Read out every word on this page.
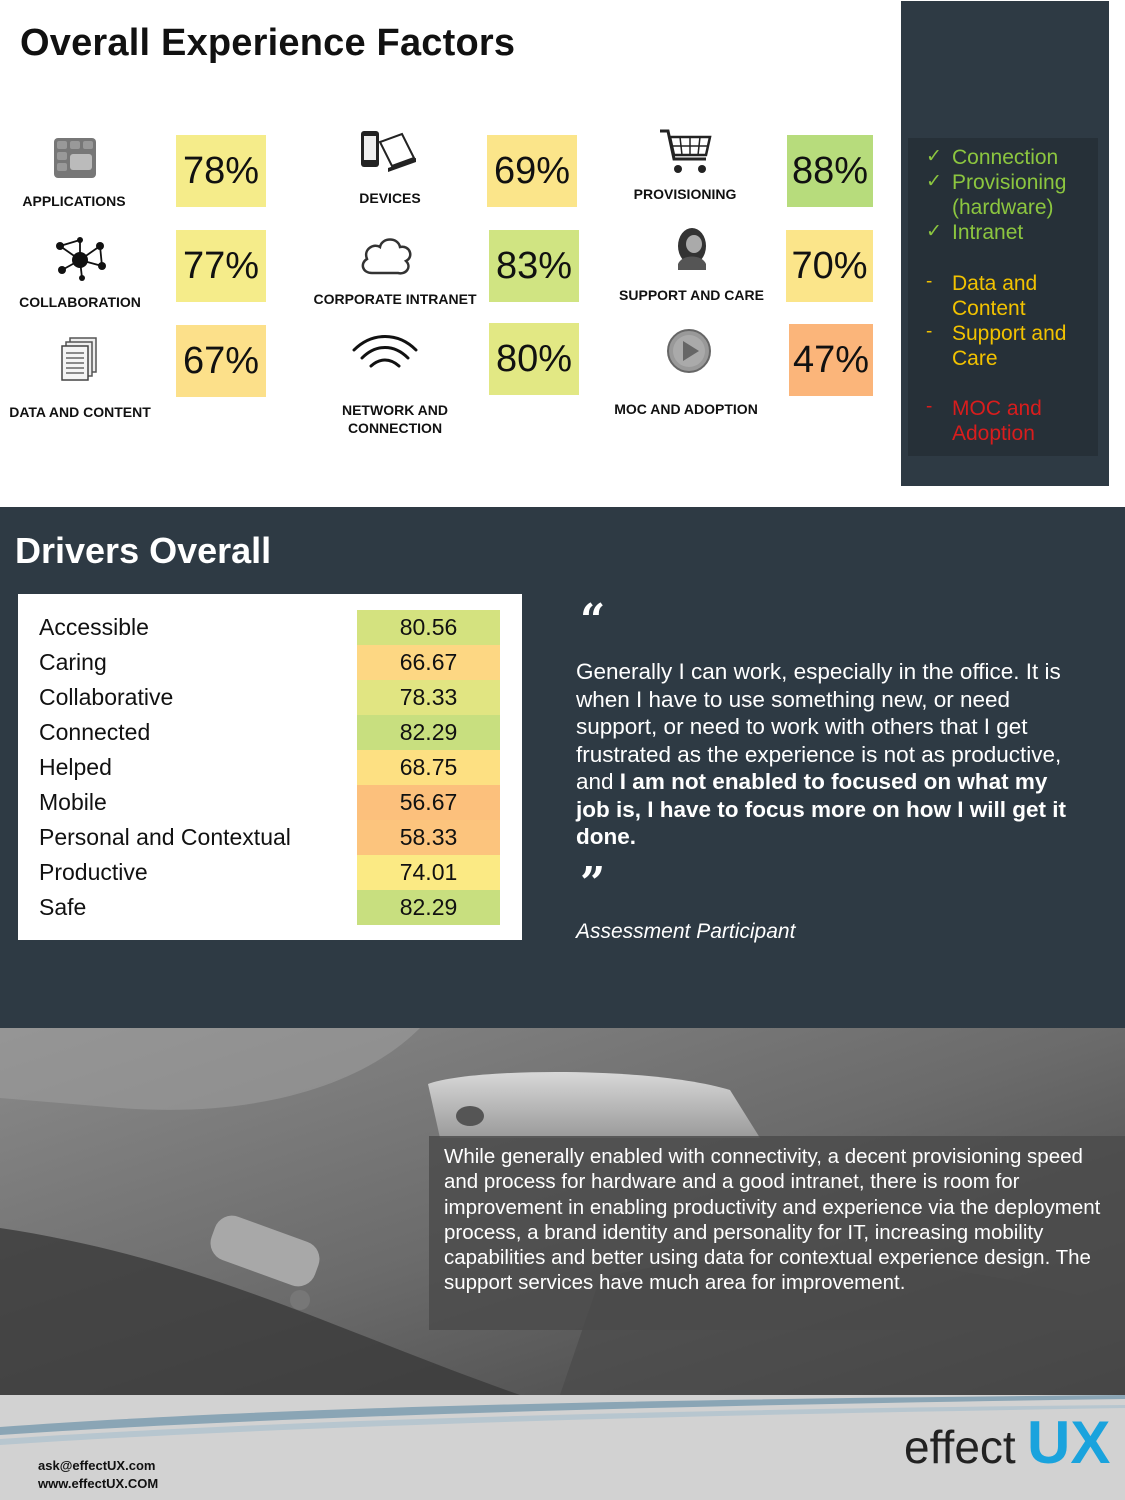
Overall Experience Factors
APPLICATIONS
78%
DEVICES
69%
PROVISIONING
88%
COLLABORATION
77%
CORPORATE INTRANET
83%
SUPPORT AND CARE
70%
DATA AND CONTENT
67%
NETWORK AND CONNECTION
80%
MOC AND ADOPTION
47%
✓ Connection
✓ Provisioning (hardware)
✓ Intranet
- Data and Content
- Support and Care
- MOC and Adoption
Drivers Overall
Accessible	80.56
Caring	66.67
Collaborative	78.33
Connected	82.29
Helped	68.75
Mobile	56.67
Personal and Contextual	58.33
Productive	74.01
Safe	82.29
“
Generally I can work, especially in the office. It is when I have to use something new, or need support, or need to work with others that I get frustrated as the experience is not as productive, and I am not enabled to focused on what my job is, I have to focus more on how I will get it done.
”
Assessment Participant
While generally enabled with connectivity, a decent provisioning speed and process for hardware and a good intranet, there is room for improvement in enabling productivity and experience via the deployment process, a brand identity and personality for IT, increasing mobility capabilities and better using data for contextual experience design. The support services have much area for improvement.
ask@effectUX.com
www.effectUX.COM
effect UX
